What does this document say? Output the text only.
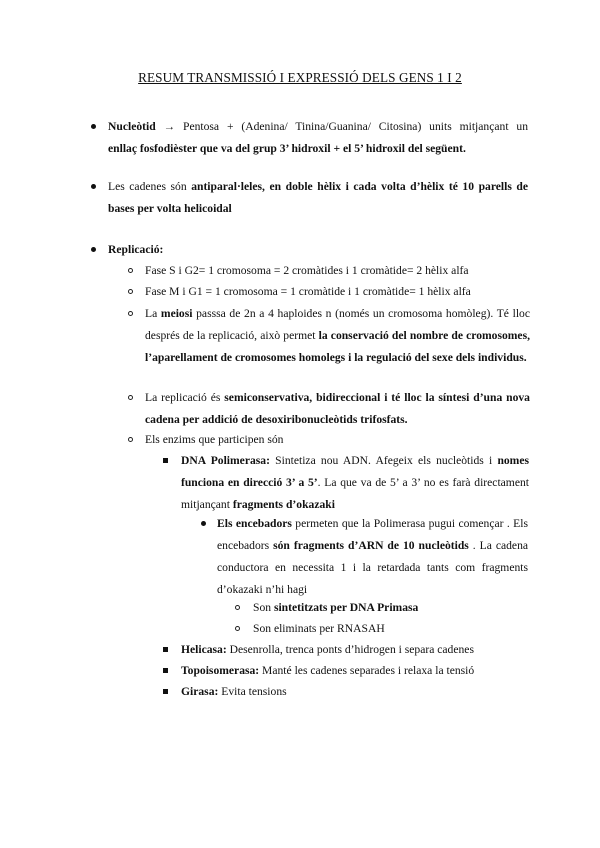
RESUM TRANSMISSIÓ I EXPRESSIÓ DELS GENS 1 I 2
Nucleòtid → Pentosa + (Adenina/ Tinina/Guanina/ Citosina) units mitjançant un
enllaç fosfodièster que va del grup 3’ hidroxil + el 5’ hidroxil del següent.
Les cadenes són antiparal·leles, en doble hèlix i cada volta d’hèlix té 10 parells de bases per volta helicoidal
Replicació:
Fase S i G2= 1 cromosoma = 2 cromàtides i 1 cromàtide= 2 hèlix alfa
Fase M i G1 = 1 cromosoma = 1 cromàtide i 1 cromàtide= 1 hèlix alfa
La meiosi passsa de 2n a 4 haploides n (només un cromosoma homòleg). Té lloc després de la replicació, això permet la conservació del nombre de cromosomes, l’aparellament de cromosomes homolegs i la regulació del sexe dels individus.
La replicació és semiconservativa, bidireccional i té lloc la síntesi d’una nova cadena per addició de desoxiribonucleòtids trifosfats.
Els enzims que participen són
DNA Polimerasa: Sintetiza nou ADN. Afegeix els nucleòtids i nomes funciona en direcció 3’ a 5’. La que va de 5’ a 3’ no es farà directament mitjançant fragments d’okazaki
Els encebadors permeten que la Polimerasa pugui començar . Els encebadors són fragments d’ARN de 10 nucleòtids . La cadena conductora en necessita 1 i la retardada tants com fragments d’okazaki n’hi hagi
Son sintetitzats per DNA Primasa
Son eliminats per RNASAH
Helicasa: Desenrolla, trenca ponts d’hidrogen i separa cadenes
Topoisomerasa: Manté les cadenes separades i relaxa la tensió
Girasa: Evita tensions
